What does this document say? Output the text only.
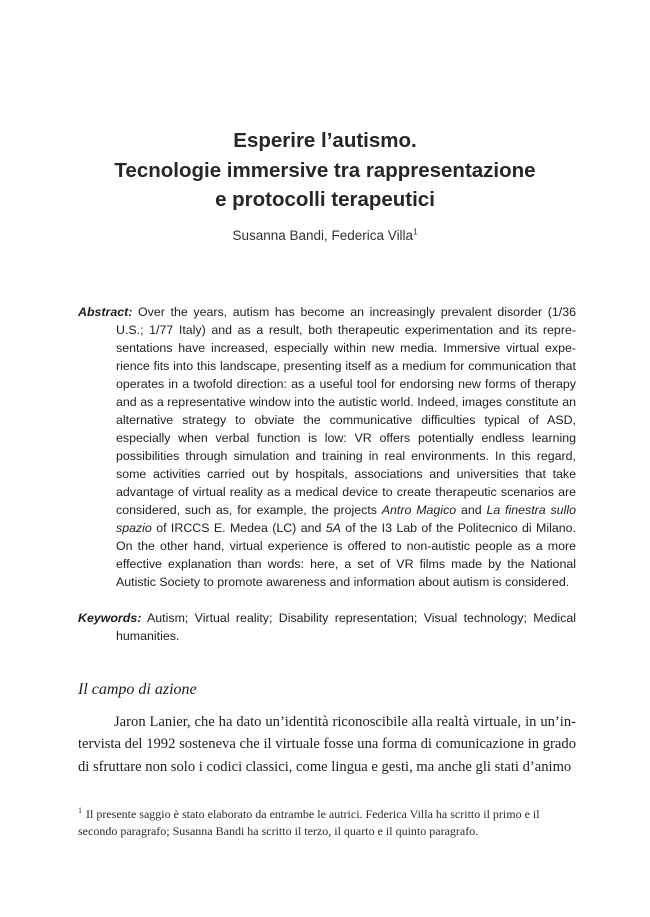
Esperire l’autismo.
Tecnologie immersive tra rappresentazione
e protocolli terapeutici
Susanna Bandi, Federica Villa$^1$
Abstract: Over the years, autism has become an increasingly prevalent disorder (1/36 U.S.; 1/77 Italy) and as a result, both therapeutic experimentation and its representations have increased, especially within new media. Immersive virtual experience fits into this landscape, presenting itself as a medium for communication that operates in a twofold direction: as a useful tool for endorsing new forms of therapy and as a representative window into the autistic world. Indeed, images constitute an alternative strategy to obviate the communicative difficulties typical of ASD, especially when verbal function is low: VR offers potentially endless learning possibilities through simulation and training in real environments. In this regard, some activities carried out by hospitals, associations and universities that take advantage of virtual reality as a medical device to create therapeutic scenarios are considered, such as, for example, the projects Antro Magico and La finestra sullo spazio of IRCCS E. Medea (LC) and 5A of the I3 Lab of the Politecnico di Milano. On the other hand, virtual experience is offered to non-autistic people as a more effective explanation than words: here, a set of VR films made by the National Autistic Society to promote awareness and information about autism is considered.
Keywords: Autism; Virtual reality; Disability representation; Visual technology; Medical humanities.
Il campo di azione
Jaron Lanier, che ha dato un’identità riconoscibile alla realtà virtuale, in un’intervista del 1992 sosteneva che il virtuale fosse una forma di comunicazione in grado di sfruttare non solo i codici classici, come lingua e gesti, ma anche gli stati d’animo
$^1$ Il presente saggio è stato elaborato da entrambe le autrici. Federica Villa ha scritto il primo e il secondo paragrafo; Susanna Bandi ha scritto il terzo, il quarto e il quinto paragrafo.
